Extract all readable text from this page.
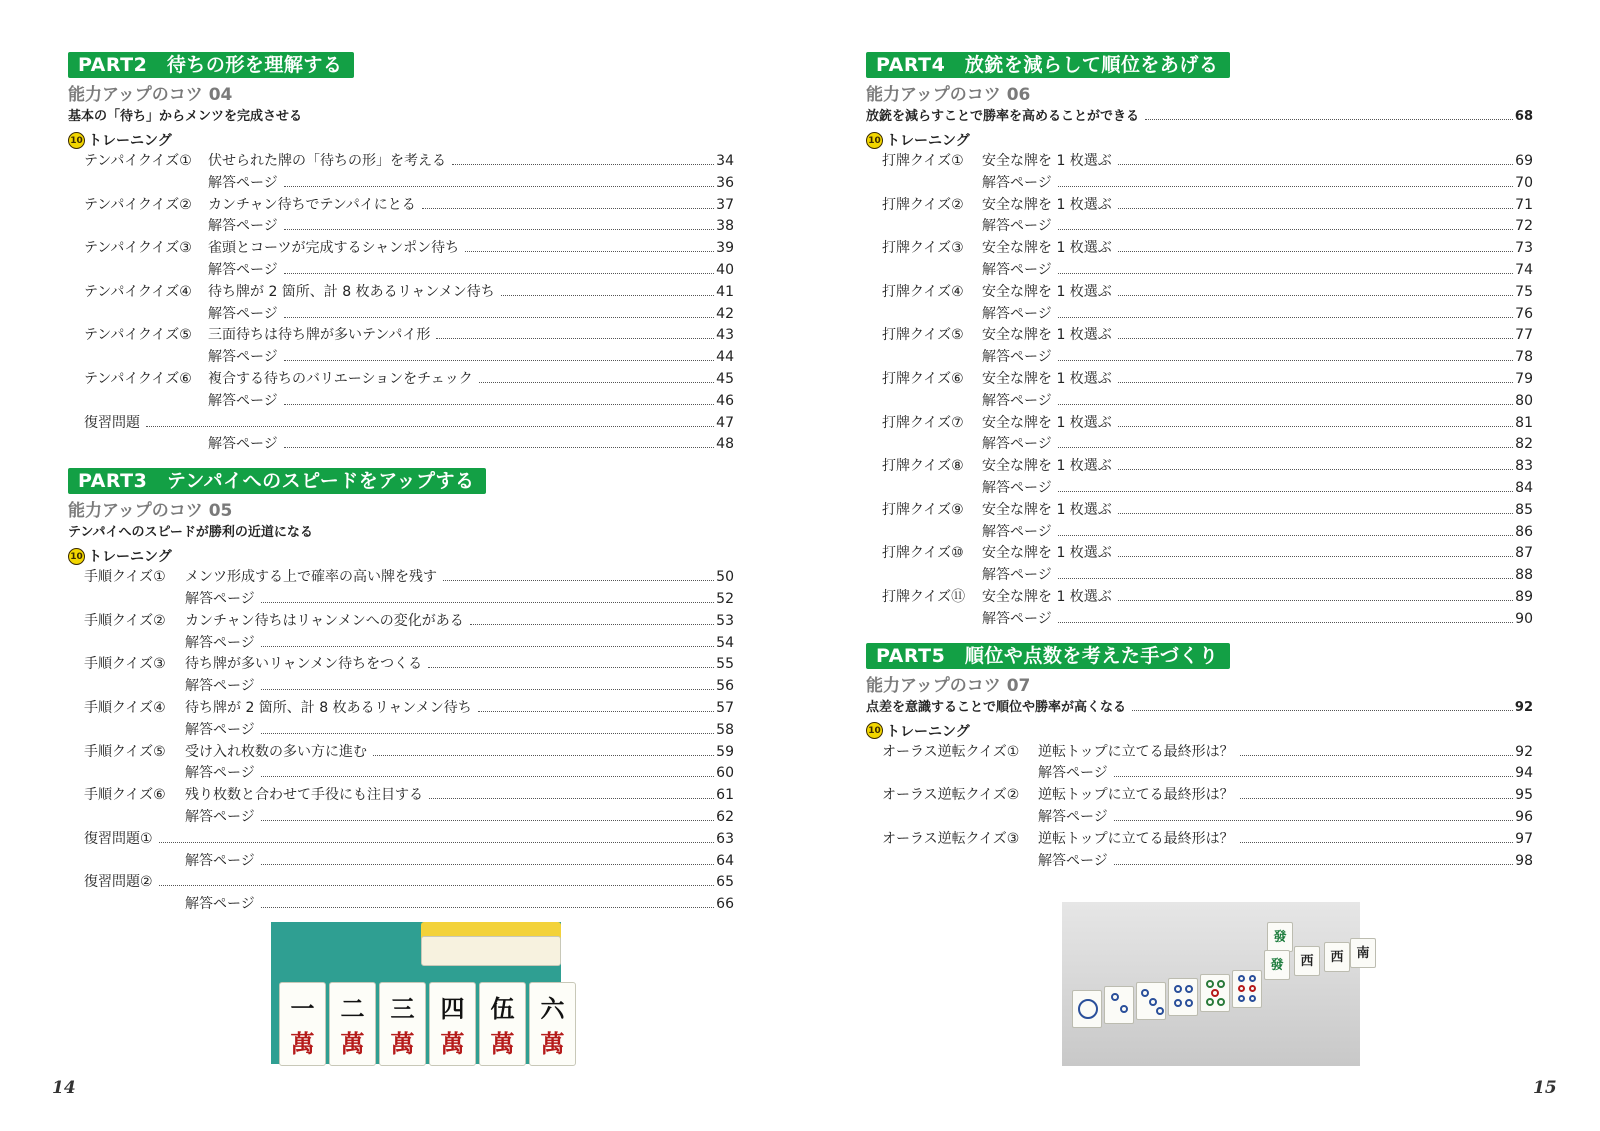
PART2　待ちの形を理解する
能力アップのコツ 04
基本の「待ち」からメンツを完成させる
10 トレーニング
テンパイクイズ①	伏せられた牌の「待ちの形」を考える	34
解答ページ	36
テンパイクイズ②	カンチャン待ちでテンパイにとる	37
解答ページ	38
テンパイクイズ③	雀頭とコーツが完成するシャンポン待ち	39
解答ページ	40
テンパイクイズ④	待ち牌が 2 箇所、計 8 枚あるリャンメン待ち	41
解答ページ	42
テンパイクイズ⑤	三面待ちは待ち牌が多いテンパイ形	43
解答ページ	44
テンパイクイズ⑥	複合する待ちのバリエーションをチェック	45
解答ページ	46
復習問題	47
解答ページ	48
PART3　テンパイへのスピードをアップする
能力アップのコツ 05
テンパイへのスピードが勝利の近道になる
10 トレーニング
手順クイズ①	メンツ形成する上で確率の高い牌を残す	50
解答ページ	52
手順クイズ②	カンチャン待ちはリャンメンへの変化がある	53
解答ページ	54
手順クイズ③	待ち牌が多いリャンメン待ちをつくる	55
解答ページ	56
手順クイズ④	待ち牌が 2 箇所、計 8 枚あるリャンメン待ち	57
解答ページ	58
手順クイズ⑤	受け入れ枚数の多い方に進む	59
解答ページ	60
手順クイズ⑥	残り枚数と合わせて手役にも注目する	61
解答ページ	62
復習問題①	63
解答ページ	64
復習問題②	65
解答ページ	66
PART4　放銃を減らして順位をあげる
能力アップのコツ 06
放銃を減らすことで勝率を高めることができる	68
10 トレーニング
打牌クイズ①	安全な牌を 1 枚選ぶ	69
解答ページ	70
打牌クイズ②	安全な牌を 1 枚選ぶ	71
解答ページ	72
打牌クイズ③	安全な牌を 1 枚選ぶ	73
解答ページ	74
打牌クイズ④	安全な牌を 1 枚選ぶ	75
解答ページ	76
打牌クイズ⑤	安全な牌を 1 枚選ぶ	77
解答ページ	78
打牌クイズ⑥	安全な牌を 1 枚選ぶ	79
解答ページ	80
打牌クイズ⑦	安全な牌を 1 枚選ぶ	81
解答ページ	82
打牌クイズ⑧	安全な牌を 1 枚選ぶ	83
解答ページ	84
打牌クイズ⑨	安全な牌を 1 枚選ぶ	85
解答ページ	86
打牌クイズ⑩	安全な牌を 1 枚選ぶ	87
解答ページ	88
打牌クイズ⑪	安全な牌を 1 枚選ぶ	89
解答ページ	90
PART5　順位や点数を考えた手づくり
能力アップのコツ 07
点差を意識することで順位や勝率が高くなる	92
10 トレーニング
オーラス逆転クイズ①	逆転トップに立てる最終形は？	92
解答ページ	94
オーラス逆転クイズ②	逆転トップに立てる最終形は？	95
解答ページ	96
オーラス逆転クイズ③	逆転トップに立てる最終形は？	97
解答ページ	98
一
萬
二
萬
三
萬
四
萬
伍
萬
六
萬
發
發	西	西 南
14	15
